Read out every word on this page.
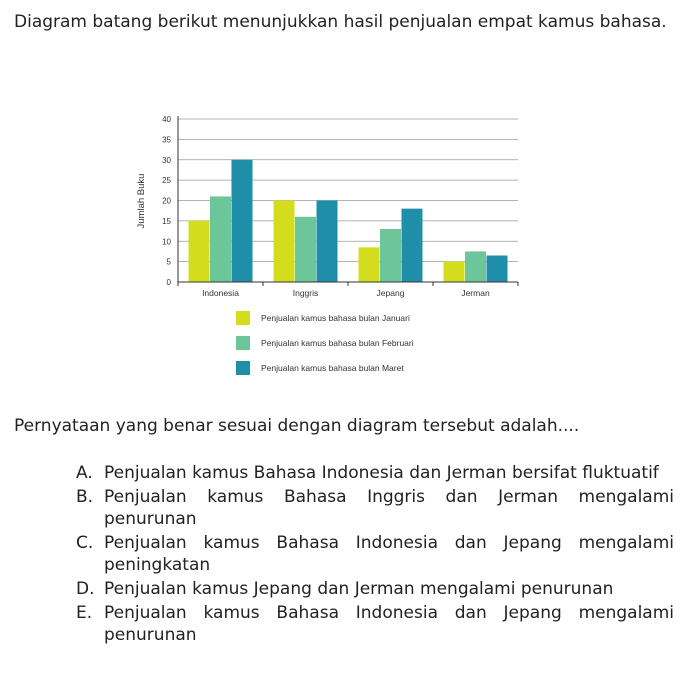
Diagram batang berikut menunjukkan hasil penjualan empat kamus bahasa.

0
5
10
15
20
25
30
35
40
Indonesia	Inggris	Jepang	Jerman
Penjualan kamus bahasa bulan Januari
Penjualan kamus bahasa bulan Februari
Penjualan kamus bahasa bulan Maret
Jumlah Buku

Pernyataan yang benar sesuai dengan diagram tersebut adalah....

A. Penjualan kamus Bahasa Indonesia dan Jerman bersifat fluktuatif
B. Penjualan kamus Bahasa Inggris dan Jerman mengalami penurunan
C. Penjualan kamus Bahasa Indonesia dan Jepang mengalami peningkatan
D. Penjualan kamus Jepang dan Jerman mengalami penurunan
E. Penjualan kamus Bahasa Indonesia dan Jepang mengalami penurunan
